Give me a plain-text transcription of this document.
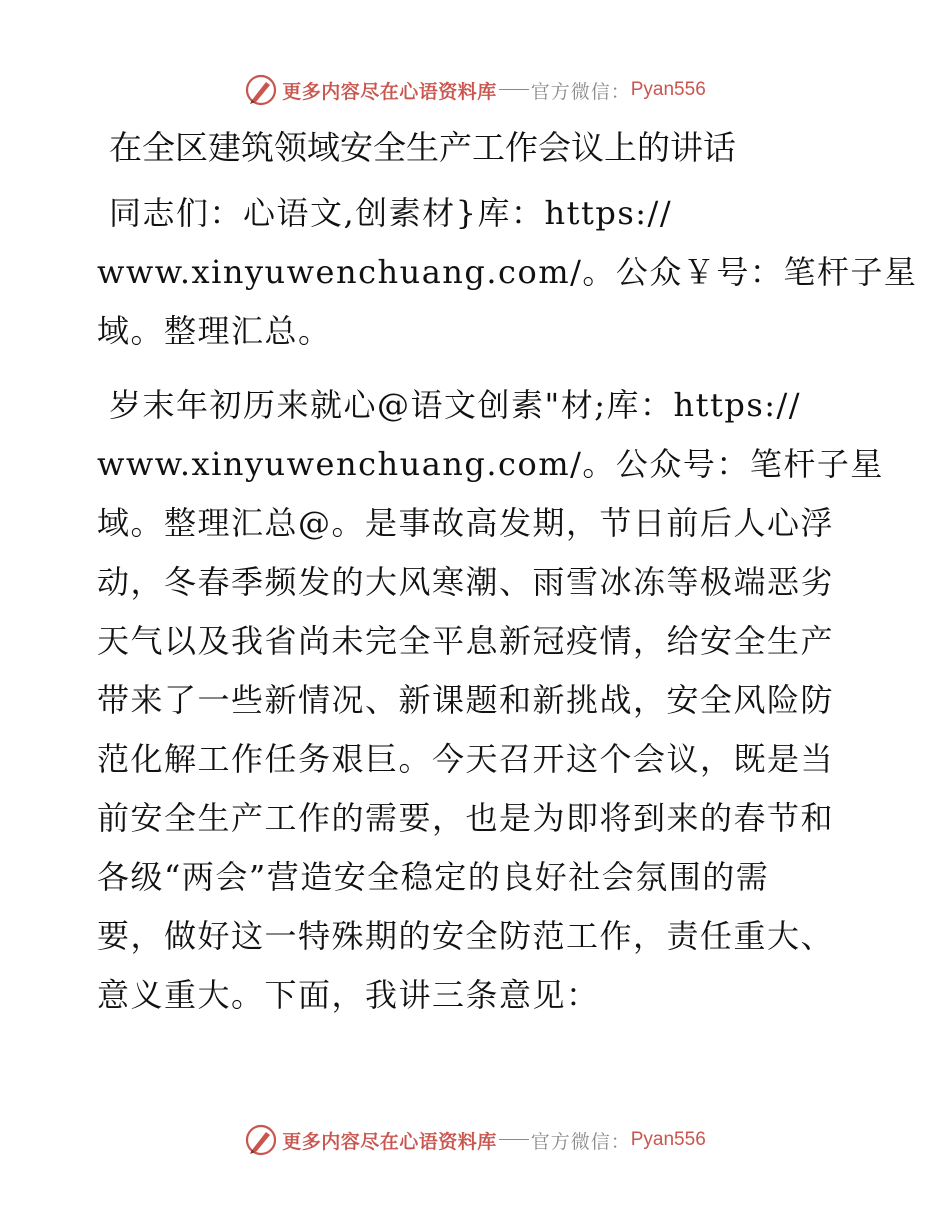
更多内容尽在心语资料库 官方微信： Pyan556
在全区建筑领域安全生产工作会议上的讲话
同志们：心语文,创素材}库：https://
www.xinyuwenchuang.com/。公众￥号：笔杆子星
域。整理汇总。
岁末年初历来就心@语文创素"材;库：https://
www.xinyuwenchuang.com/。公众号：笔杆子星
域。整理汇总@。是事故高发期，节日前后人心浮
动，冬春季频发的大风寒潮、雨雪冰冻等极端恶劣
天气以及我省尚未完全平息新冠疫情，给安全生产
带来了一些新情况、新课题和新挑战，安全风险防
范化解工作任务艰巨。今天召开这个会议，既是当
前安全生产工作的需要，也是为即将到来的春节和
各级“两会”营造安全稳定的良好社会氛围的需
要，做好这一特殊期的安全防范工作，责任重大、
意义重大。下面，我讲三条意见：
更多内容尽在心语资料库 官方微信： Pyan556
